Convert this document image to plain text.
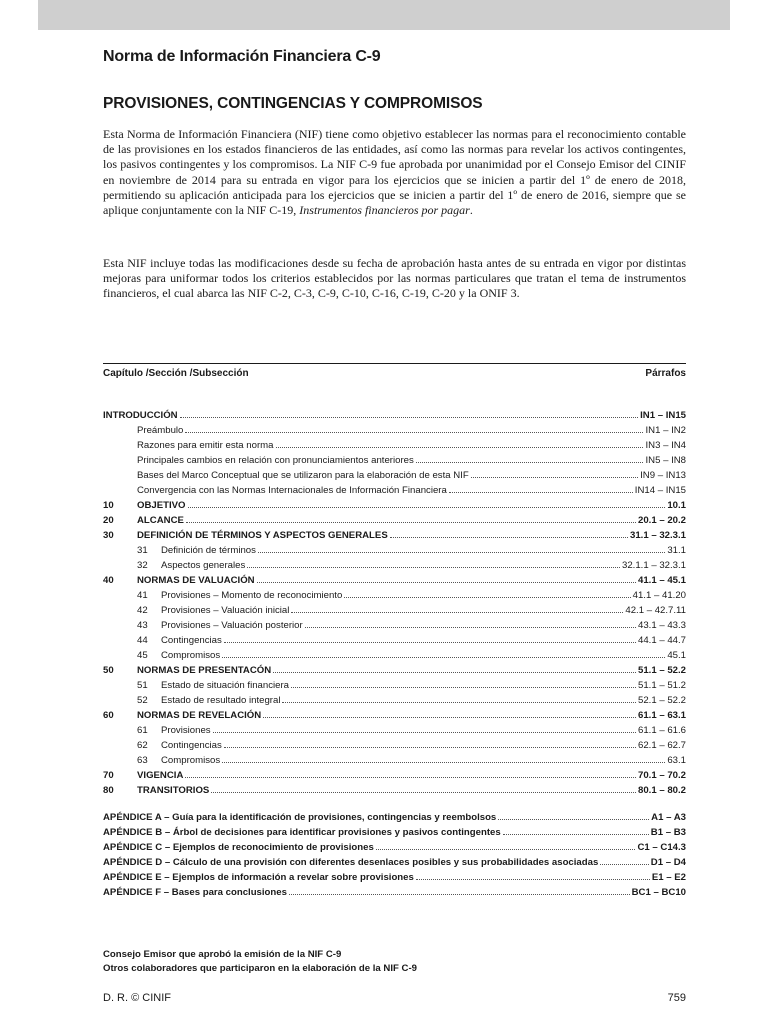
Norma de Información Financiera C-9
PROVISIONES, CONTINGENCIAS Y COMPROMISOS

Esta Norma de Información Financiera (NIF) tiene como objetivo establecer las normas para el reconocimiento contable de las provisiones en los estados financieros de las entidades, así como las normas para revelar los activos contingentes, los pasivos contingentes y los compromisos. La NIF C-9 fue aprobada por unanimidad por el Consejo Emisor del CINIF en noviembre de 2014 para su entrada en vigor para los ejercicios que se inicien a partir del 1º de enero de 2018, permitiendo su aplicación anticipada para los ejercicios que se inicien a partir del 1º de enero de 2016, siempre que se aplique conjuntamente con la NIF C-19, Instrumentos financieros por pagar.

Esta NIF incluye todas las modificaciones desde su fecha de aprobación hasta antes de su entrada en vigor por distintas mejoras para uniformar todos los criterios establecidos por las normas particulares que tratan el tema de instrumentos financieros, el cual abarca las NIF C-2, C-3, C-9, C-10, C-16, C-19, C-20 y la ONIF 3.

Capítulo /Sección /Subsección	Párrafos
INTRODUCCIÓN	IN1 – IN15
Preámbulo	IN1 – IN2
Razones para emitir esta norma	IN3 – IN4
Principales cambios en relación con pronunciamientos anteriores	IN5 – IN8
Bases del Marco Conceptual que se utilizaron para la elaboración de esta NIF	IN9 – IN13
Convergencia con las Normas Internacionales de Información Financiera	IN14 – IN15
10	OBJETIVO	10.1
20	ALCANCE	20.1 – 20.2
30	DEFINICIÓN DE TÉRMINOS Y ASPECTOS GENERALES	31.1 – 32.3.1
31	Definición de términos	31.1
32	Aspectos generales	32.1.1 – 32.3.1
40	NORMAS DE VALUACIÓN	41.1 – 45.1
41	Provisiones – Momento de reconocimiento	41.1 – 41.20
42	Provisiones – Valuación inicial	42.1 – 42.7.11
43	Provisiones – Valuación posterior	43.1 – 43.3
44	Contingencias	44.1 – 44.7
45	Compromisos	45.1
50	NORMAS DE PRESENTACÓN	51.1 – 52.2
51	Estado de situación financiera	51.1 – 51.2
52	Estado de resultado integral	52.1 – 52.2
60	NORMAS DE REVELACIÓN	61.1 – 63.1
61	Provisiones	61.1 – 61.6
62	Contingencias	62.1 – 62.7
63	Compromisos	63.1
70	VIGENCIA	70.1 – 70.2
80	TRANSITORIOS	80.1 – 80.2
APÉNDICE A – Guía para la identificación de provisiones, contingencias y reembolsos	A1 – A3
APÉNDICE B – Árbol de decisiones para identificar provisiones y pasivos contingentes	B1 – B3
APÉNDICE C – Ejemplos de reconocimiento de provisiones	C1 – C14.3
APÉNDICE D – Cálculo de una provisión con diferentes desenlaces posibles y sus probabilidades asociadas	D1 – D4
APÉNDICE E – Ejemplos de información a revelar sobre provisiones	E1 – E2
APÉNDICE F – Bases para conclusiones	BC1 – BC10
Consejo Emisor que aprobó la emisión de la NIF C-9
Otros colaboradores que participaron en la elaboración de la NIF C-9
D. R. © CINIF	759
